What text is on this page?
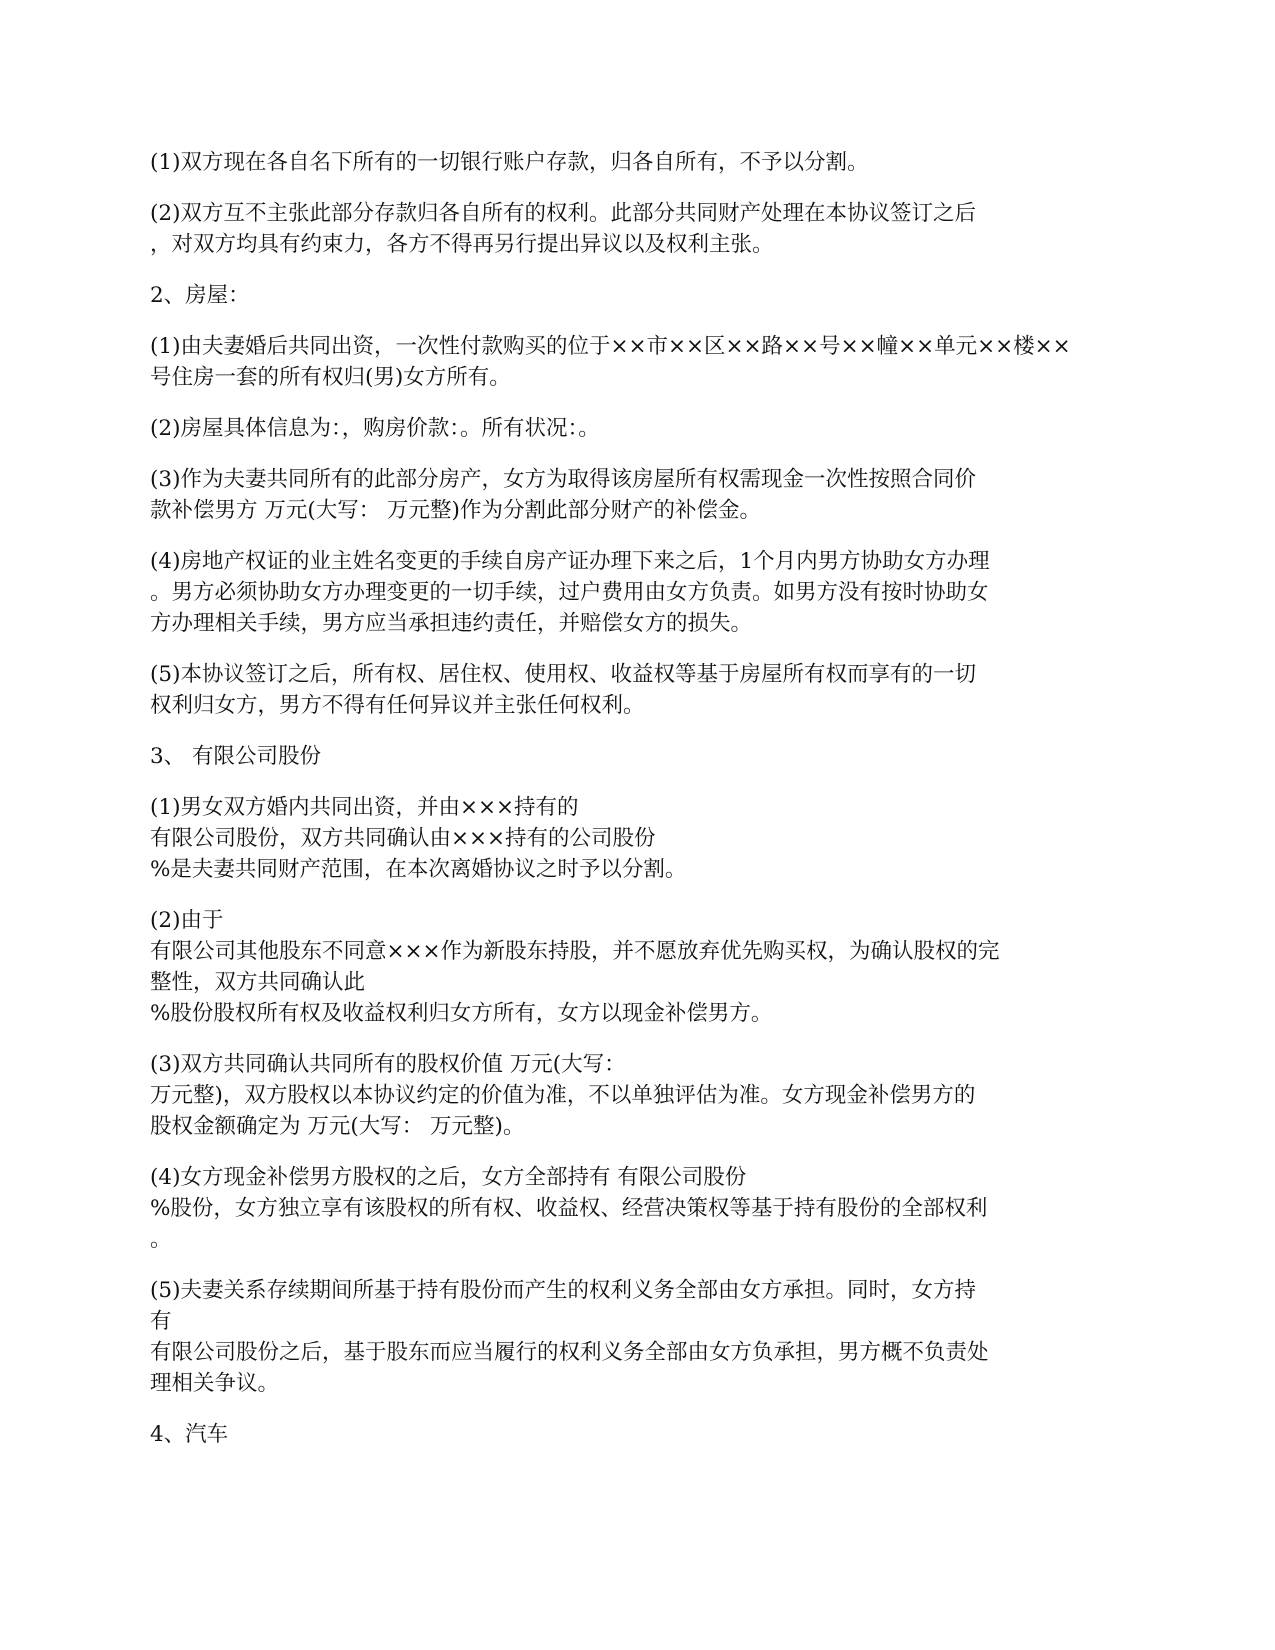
(1)双方现在各自名下所有的一切银行账户存款，归各自所有，不予以分割。
(2)双方互不主张此部分存款归各自所有的权利。此部分共同财产处理在本协议签订之后
，对双方均具有约束力，各方不得再另行提出异议以及权利主张。
2、房屋：
(1)由夫妻婚后共同出资，一次性付款购买的位于××市××区××路××号××幢××单元××楼××
号住房一套的所有权归(男)女方所有。
(2)房屋具体信息为：，购房价款：。所有状况：。
(3)作为夫妻共同所有的此部分房产，女方为取得该房屋所有权需现金一次性按照合同价
款补偿男方 万元(大写： 万元整)作为分割此部分财产的补偿金。
(4)房地产权证的业主姓名变更的手续自房产证办理下来之后，1个月内男方协助女方办理
。男方必须协助女方办理变更的一切手续，过户费用由女方负责。如男方没有按时协助女
方办理相关手续，男方应当承担违约责任，并赔偿女方的损失。
(5)本协议签订之后，所有权、居住权、使用权、收益权等基于房屋所有权而享有的一切
权利归女方，男方不得有任何异议并主张任何权利。
3、 有限公司股份
(1)男女双方婚内共同出资，并由×××持有的
有限公司股份，双方共同确认由×××持有的公司股份
%是夫妻共同财产范围，在本次离婚协议之时予以分割。
(2)由于
有限公司其他股东不同意×××作为新股东持股，并不愿放弃优先购买权，为确认股权的完
整性，双方共同确认此
%股份股权所有权及收益权利归女方所有，女方以现金补偿男方。
(3)双方共同确认共同所有的股权价值 万元(大写：
万元整)，双方股权以本协议约定的价值为准，不以单独评估为准。女方现金补偿男方的
股权金额确定为 万元(大写： 万元整)。
(4)女方现金补偿男方股权的之后，女方全部持有 有限公司股份
%股份，女方独立享有该股权的所有权、收益权、经营决策权等基于持有股份的全部权利
。
(5)夫妻关系存续期间所基于持有股份而产生的权利义务全部由女方承担。同时，女方持
有
有限公司股份之后，基于股东而应当履行的权利义务全部由女方负承担，男方概不负责处
理相关争议。
4、汽车
